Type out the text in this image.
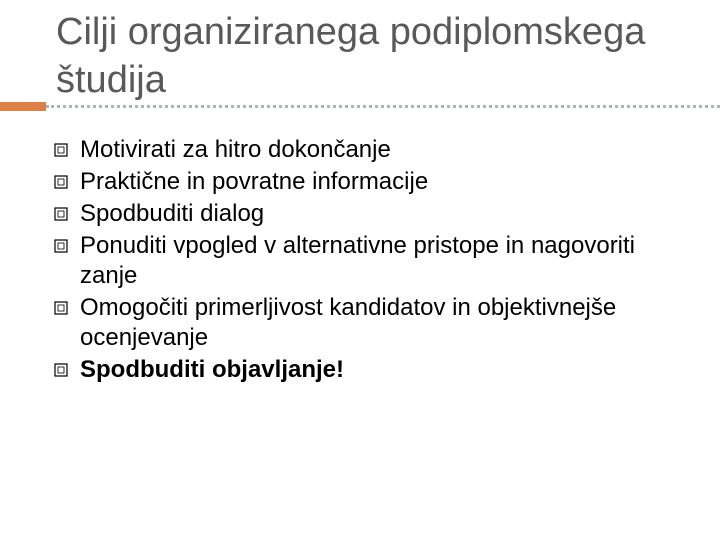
Cilji organiziranega podiplomskega študija
Motivirati za hitro dokončanje
Praktične in povratne informacije
Spodbuditi dialog
Ponuditi vpogled v alternativne pristope in nagovoriti zanje
Omogočiti primerljivost kandidatov in objektivnejše ocenjevanje
Spodbuditi objavljanje!
